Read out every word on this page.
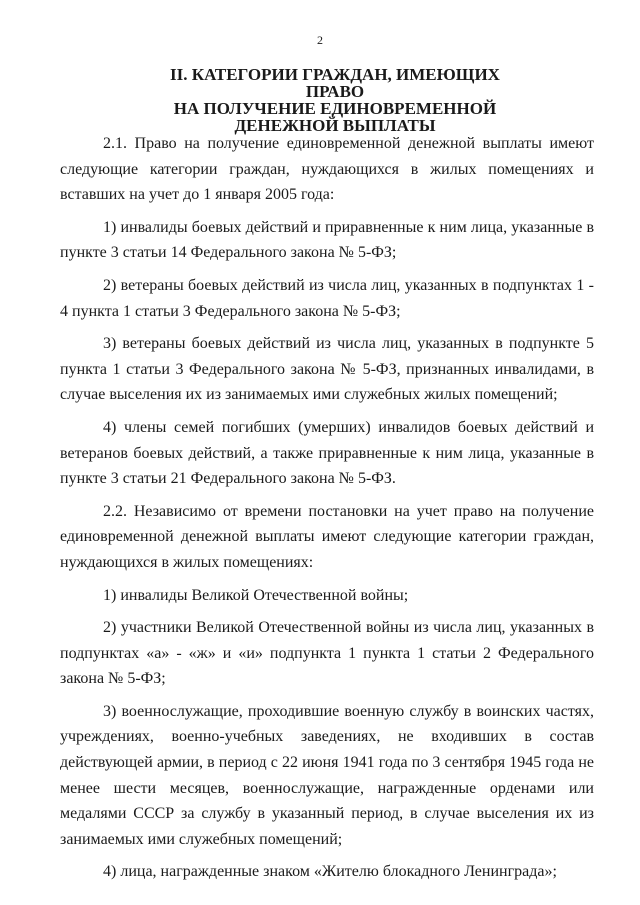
2
II. КАТЕГОРИИ ГРАЖДАН, ИМЕЮЩИХ ПРАВО
НА ПОЛУЧЕНИЕ ЕДИНОВРЕМЕННОЙ
ДЕНЕЖНОЙ ВЫПЛАТЫ

2.1. Право на получение единовременной денежной выплаты имеют следующие категории граждан, нуждающихся в жилых помещениях и вставших на учет до 1 января 2005 года:

1) инвалиды боевых действий и приравненные к ним лица, указанные в пункте 3 статьи 14 Федерального закона № 5-ФЗ;

2) ветераны боевых действий из числа лиц, указанных в подпунктах 1 - 4 пункта 1 статьи 3 Федерального закона № 5-ФЗ;

3) ветераны боевых действий из числа лиц, указанных в подпункте 5 пункта 1 статьи 3 Федерального закона № 5-ФЗ, признанных инвалидами, в случае выселения их из занимаемых ими служебных жилых помещений;

4) члены семей погибших (умерших) инвалидов боевых действий и ветеранов боевых действий, а также приравненные к ним лица, указанные в пункте 3 статьи 21 Федерального закона № 5-ФЗ.

2.2. Независимо от времени постановки на учет право на получение единовременной денежной выплаты имеют следующие категории граждан, нуждающихся в жилых помещениях:

1) инвалиды Великой Отечественной войны;

2) участники Великой Отечественной войны из числа лиц, указанных в подпунктах «а» - «ж» и «и» подпункта 1 пункта 1 статьи 2 Федерального закона № 5-ФЗ;

3) военнослужащие, проходившие военную службу в воинских частях, учреждениях, военно-учебных заведениях, не входивших в состав действующей армии, в период с 22 июня 1941 года по 3 сентября 1945 года не менее шести месяцев, военнослужащие, награжденные орденами или медалями СССР за службу в указанный период, в случае выселения их из занимаемых ими служебных помещений;

4) лица, награжденные знаком «Жителю блокадного Ленинграда»;
